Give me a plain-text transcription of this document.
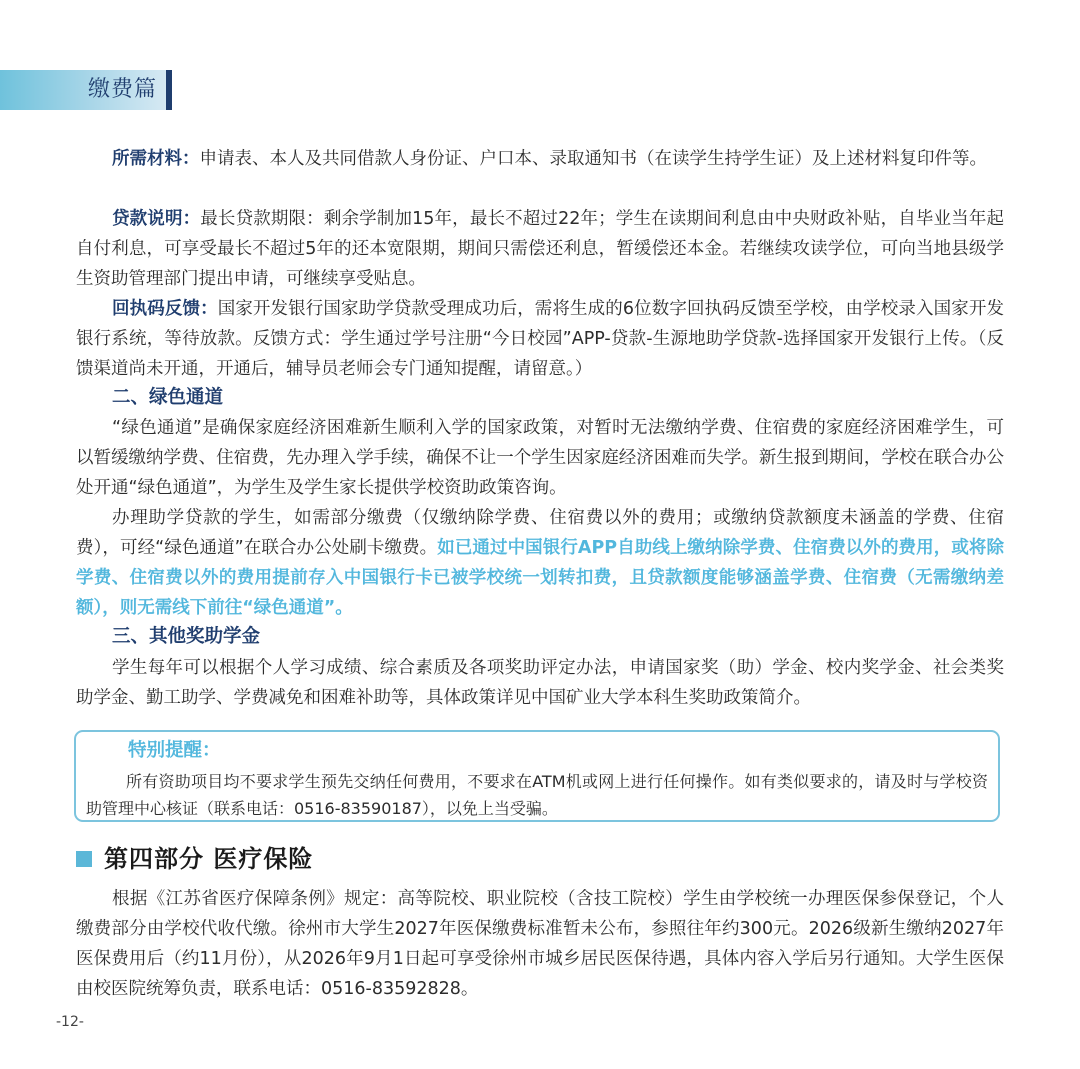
缴费篇

所需材料：申请表、本人及共同借款人身份证、户口本、录取通知书（在读学生持学生证）及上述材料复印件等。

贷款说明：最长贷款期限：剩余学制加15年，最长不超过22年；学生在读期间利息由中央财政补贴，自毕业当年起自付利息，可享受最长不超过5年的还本宽限期，期间只需偿还利息，暂缓偿还本金。若继续攻读学位，可向当地县级学生资助管理部门提出申请，可继续享受贴息。

回执码反馈：国家开发银行国家助学贷款受理成功后，需将生成的6位数字回执码反馈至学校，由学校录入国家开发银行系统，等待放款。反馈方式：学生通过学号注册“今日校园”APP-贷款-生源地助学贷款-选择国家开发银行上传。（反馈渠道尚未开通，开通后，辅导员老师会专门通知提醒，请留意。）

二、绿色通道

“绿色通道”是确保家庭经济困难新生顺利入学的国家政策，对暂时无法缴纳学费、住宿费的家庭经济困难学生，可以暂缓缴纳学费、住宿费，先办理入学手续，确保不让一个学生因家庭经济困难而失学。新生报到期间，学校在联合办公处开通“绿色通道”，为学生及学生家长提供学校资助政策咨询。

办理助学贷款的学生，如需部分缴费（仅缴纳除学费、住宿费以外的费用；或缴纳贷款额度未涵盖的学费、住宿费），可经“绿色通道”在联合办公处刷卡缴费。如已通过中国银行APP自助线上缴纳除学费、住宿费以外的费用，或将除学费、住宿费以外的费用提前存入中国银行卡已被学校统一划转扣费，且贷款额度能够涵盖学费、住宿费（无需缴纳差额），则无需线下前往“绿色通道”。

三、其他奖助学金

学生每年可以根据个人学习成绩、综合素质及各项奖助评定办法，申请国家奖（助）学金、校内奖学金、社会类奖助学金、勤工助学、学费减免和困难补助等，具体政策详见中国矿业大学本科生奖助政策简介。

特别提醒：

所有资助项目均不要求学生预先交纳任何费用，不要求在ATM机或网上进行任何操作。如有类似要求的，请及时与学校资助管理中心核证（联系电话：0516-83590187），以免上当受骗。

第四部分 医疗保险

根据《江苏省医疗保障条例》规定：高等院校、职业院校（含技工院校）学生由学校统一办理医保参保登记，个人缴费部分由学校代收代缴。徐州市大学生2027年医保缴费标准暂未公布，参照往年约300元。2026级新生缴纳2027年医保费用后（约11月份），从2026年9月1日起可享受徐州市城乡居民医保待遇，具体内容入学后另行通知。大学生医保由校医院统筹负责，联系电话：0516-83592828。

-12-
